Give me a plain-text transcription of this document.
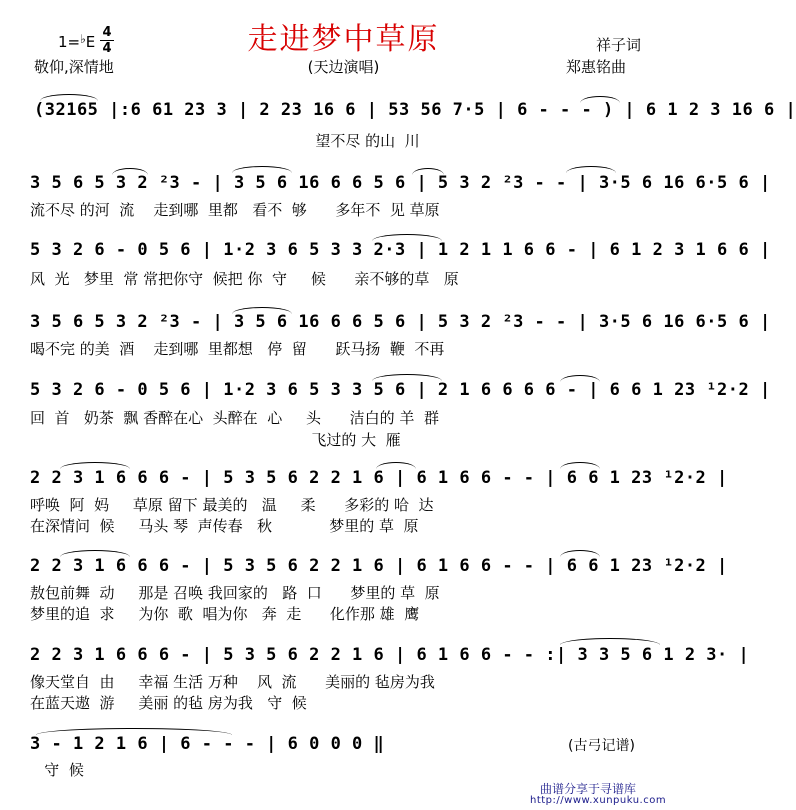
走进梦中草原
1=♭E
4
4
敬仰,深情地	(天边演唱)
祥子词
郑惠铭曲
(32165 |:6 61 23 3 | 2 23 16 6 | 53 56 7·5 | 6 - - - ) | 6 1 2 3 16 6 |
望不尽 的山  川
3 5 6 5 3 2 ²3 - | 3 5 6 16 6 6 5 6 | 5 3 2 ²3 - - | 3·5 6 16 6·5 6 |
流不尽 的河  流    走到哪  里都   看不  够      多年不  见 草原
5 3 2 6 - 0 5 6 | 1·2 3 6 5 3 3 2·3 | 1 2 1 1 6 6 - | 6 1 2 3 1 6 6 |
风  光   梦里  常 常把你守  候把 你  守     候      亲不够的草   原
3 5 6 5 3 2 ²3 - | 3 5 6 16 6 6 5 6 | 5 3 2 ²3 - - | 3·5 6 16 6·5 6 |
喝不完 的美  酒    走到哪  里都想   停  留      跃马扬  鞭  不再
5 3 2 6 - 0 5 6 | 1·2 3 6 5 3 3 5 6 | 2 1 6 6 6 6 - | 6 6 1 23 ¹2·2 |
回  首   奶茶  飘 香醉在心  头醉在  心     头      洁白的 羊  群
飞过的 大  雁
2 2 3 1 6 6 6 - | 5 3 5 6 2 2 1 6 | 6 1 6 6 - - | 6 6 1 23 ¹2·2 |
呼唤  阿  妈     草原 留下 最美的   温     柔      多彩的 哈  达
在深情问  候     马头 琴  声传春   秋            梦里的 草  原
2 2 3 1 6 6 6 - | 5 3 5 6 2 2 1 6 | 6 1 6 6 - - | 6 6 1 23 ¹2·2 |
敖包前舞  动     那是 召唤 我回家的   路  口      梦里的 草  原
梦里的追  求     为你  歌  唱为你   奔  走      化作那 雄  鹰
2 2 3 1 6 6 6 - | 5 3 5 6 2 2 1 6 | 6 1 6 6 - - :| 3 3 5 6 1 2 3· |
像天堂自  由     幸福 生活 万种    风  流      美丽的 毡房为我
在蓝天遨  游     美丽 的毡 房为我   守  候
3 - 1 2 1 6 | 6 - - - | 6 0 0 0 ‖
守  候
(古弓记谱)
曲谱分享于寻谱库
http://www.xunpuku.com
